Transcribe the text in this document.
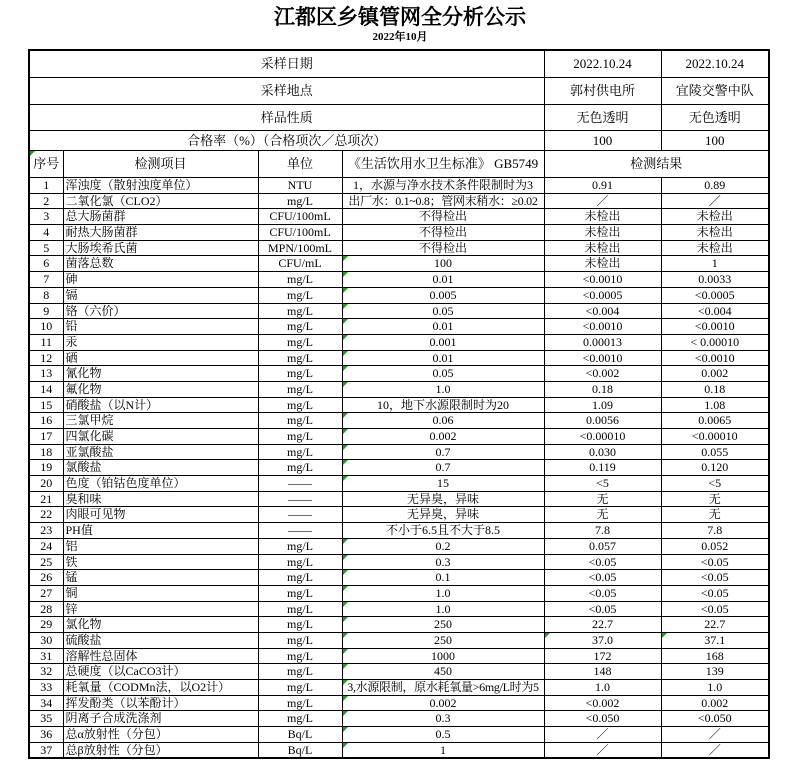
江都区乡镇管网全分析公示
2022年10月
采样日期				2022.10.24	2022.10.24
采样地点				郭村供电所	宜陵交警中队
样品性质				无色透明	无色透明
合格率（%）（合格项次／总项次）				100	100

序号	检测项目	单位	《生活饮用水卫生标准》 GB5749	检测结果	
1	浑浊度（散射浊度单位）	NTU	1，水源与净水技术条件限制时为3	0.91	0.89
2	二氧化氯（CLO2）	mg/L	出厂水：0.1~0.8；管网末稍水：≥0.02	／	／
3	总大肠菌群	CFU/100mL	不得检出	未检出	未检出
4	耐热大肠菌群	CFU/100mL	不得检出	未检出	未检出
5	大肠埃希氏菌	MPN/100mL	不得检出	未检出	未检出
6	菌落总数	CFU/mL	100	未检出	1
7	砷	mg/L	0.01	<0.0010	0.0033
8	镉	mg/L	0.005	<0.0005	<0.0005
9	铬（六价）	mg/L	0.05	<0.004	<0.004
10	铅	mg/L	0.01	<0.0010	<0.0010
11	汞	mg/L	0.001	0.00013	< 0.00010
12	硒	mg/L	0.01	<0.0010	<0.0010
13	氰化物	mg/L	0.05	<0.002	0.002
14	氟化物	mg/L	1.0	0.18	0.18
15	硝酸盐（以N计）	mg/L	10，地下水源限制时为20	1.09	1.08
16	三氯甲烷	mg/L	0.06	0.0056	0.0065
17	四氯化碳	mg/L	0.002	<0.00010	<0.00010
18	亚氯酸盐	mg/L	0.7	0.030	0.055
19	氯酸盐	mg/L	0.7	0.119	0.120
20	色度（铂钴色度单位）	——	15	<5	<5
21	臭和味	——	无异臭，异味	无	无
22	肉眼可见物	——	无异臭，异味	无	无
23	PH值	——	不小于6.5且不大于8.5	7.8	7.8
24	铝	mg/L	0.2	0.057	0.052
25	铁	mg/L	0.3	<0.05	<0.05
26	锰	mg/L	0.1	<0.05	<0.05
27	铜	mg/L	1.0	<0.05	<0.05
28	锌	mg/L	1.0	<0.05	<0.05
29	氯化物	mg/L	250	22.7	22.7
30	硫酸盐	mg/L	250	37.0	37.1

31	溶解性总固体	mg/L	1000	172	168
32	总硬度（以CaCO3计）	mg/L	450	148	139
33	耗氧量（CODMn法，以O2计）	mg/L	3,水源限制，原水耗氧量>6mg/L时为5	1.0	1.0
34	挥发酚类（以苯酚计）	mg/L	0.002	<0.002	0.002
35	阴离子合成洗涤剂	mg/L	0.3	<0.050	<0.050
36	总α放射性（分包）	Bq/L	0.5	／	／
37	总β放射性（分包）	Bq/L	1	／	／
